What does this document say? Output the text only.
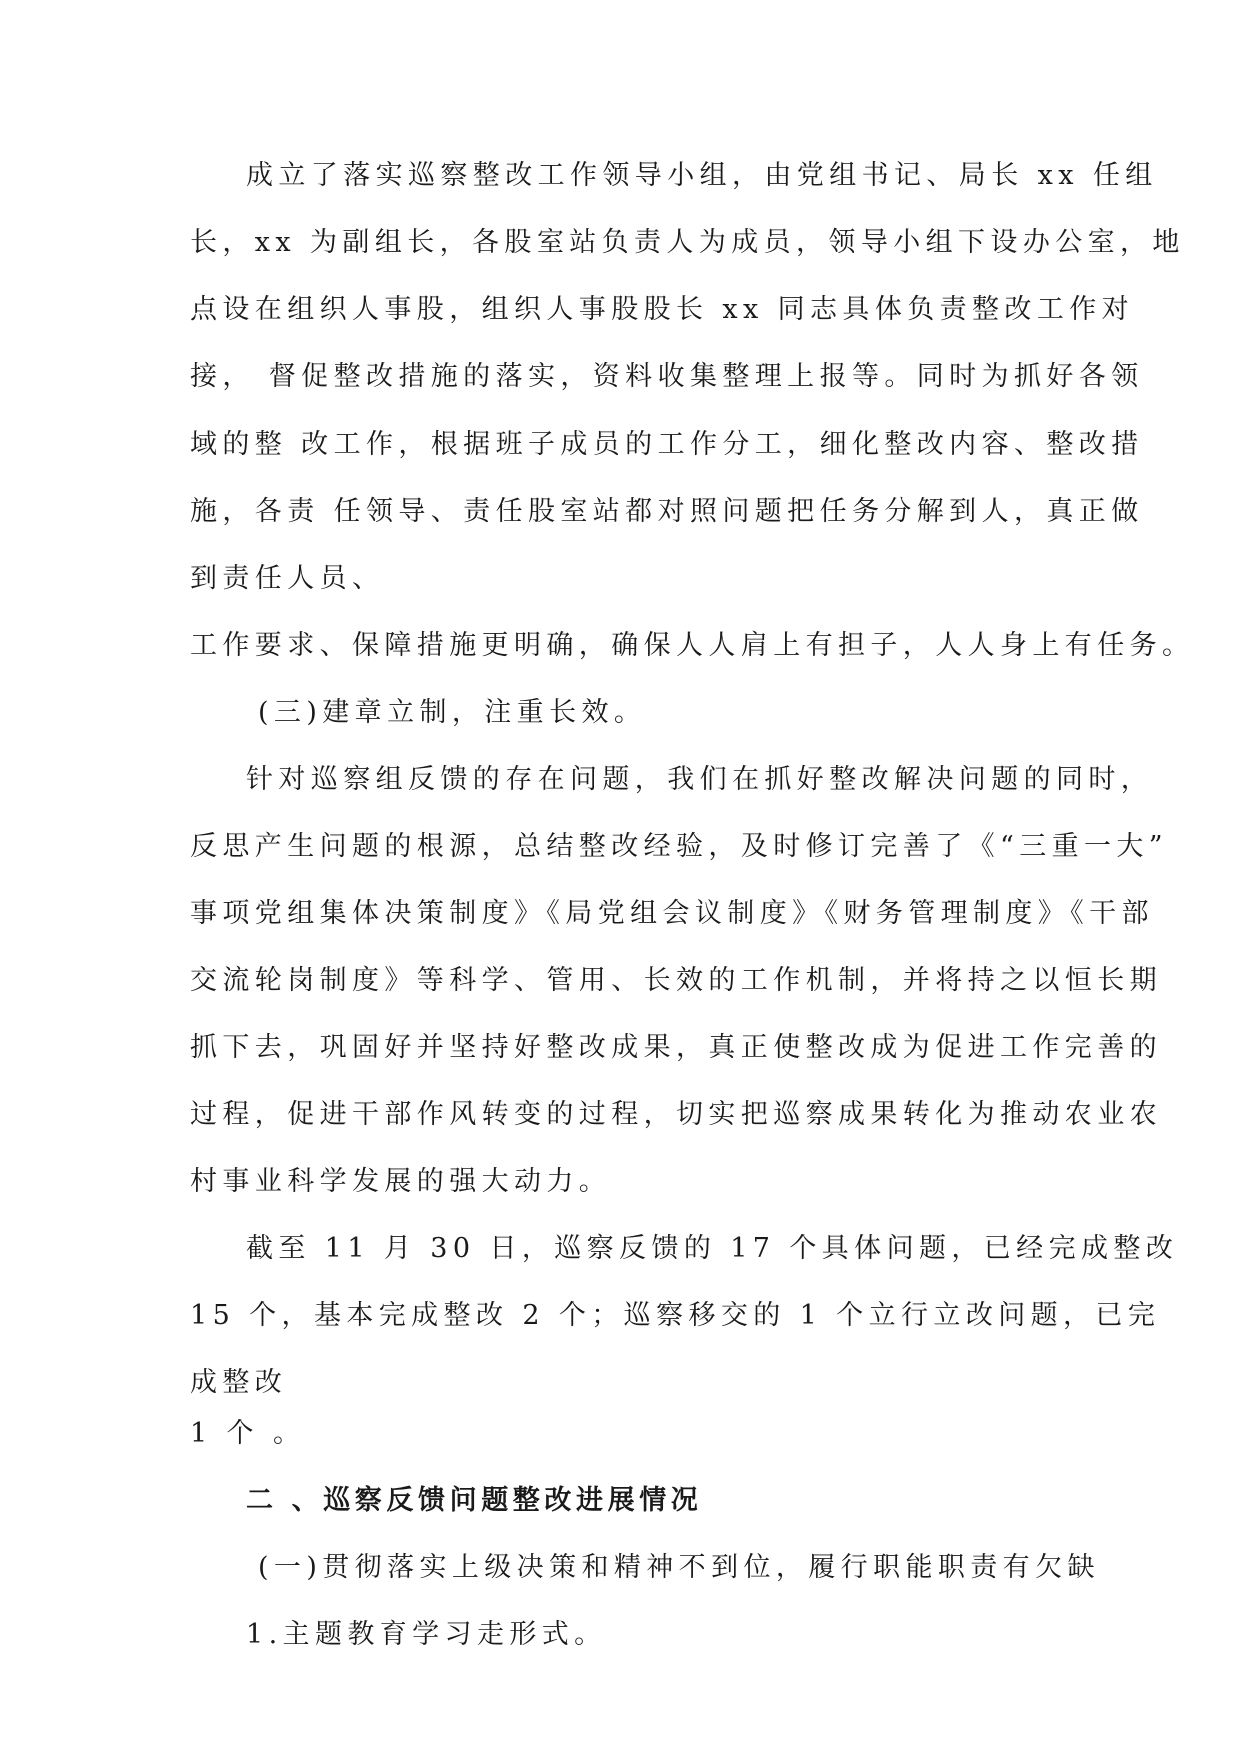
成立了落实巡察整改工作领导小组，由党组书记、局长 xx 任组
长，xx 为副组长，各股室站负责人为成员，领导小组下设办公室，地
点设在组织人事股，组织人事股股长 xx 同志具体负责整改工作对
接， 督促整改措施的落实，资料收集整理上报等。同时为抓好各领
域的整 改工作，根据班子成员的工作分工，细化整改内容、整改措
施，各责 任领导、责任股室站都对照问题把任务分解到人，真正做
到责任人员、
工作要求、保障措施更明确，确保人人肩上有担子，人人身上有任务。
(三)建章立制，注重长效。
针对巡察组反馈的存在问题，我们在抓好整改解决问题的同时，
反思产生问题的根源，总结整改经验，及时修订完善了《“三重一大”
事项党组集体决策制度》《局党组会议制度》《财务管理制度》《干部
交流轮岗制度》等科学、管用、长效的工作机制，并将持之以恒长期
抓下去，巩固好并坚持好整改成果，真正使整改成为促进工作完善的
过程，促进干部作风转变的过程，切实把巡察成果转化为推动农业农
村事业科学发展的强大动力。
截至 11 月 30 日，巡察反馈的 17 个具体问题，已经完成整改
15 个，基本完成整改 2 个；巡察移交的 1 个立行立改问题，已完
成整改
1 个 。
二 、巡察反馈问题整改进展情况
(一)贯彻落实上级决策和精神不到位，履行职能职责有欠缺
1.主题教育学习走形式。
